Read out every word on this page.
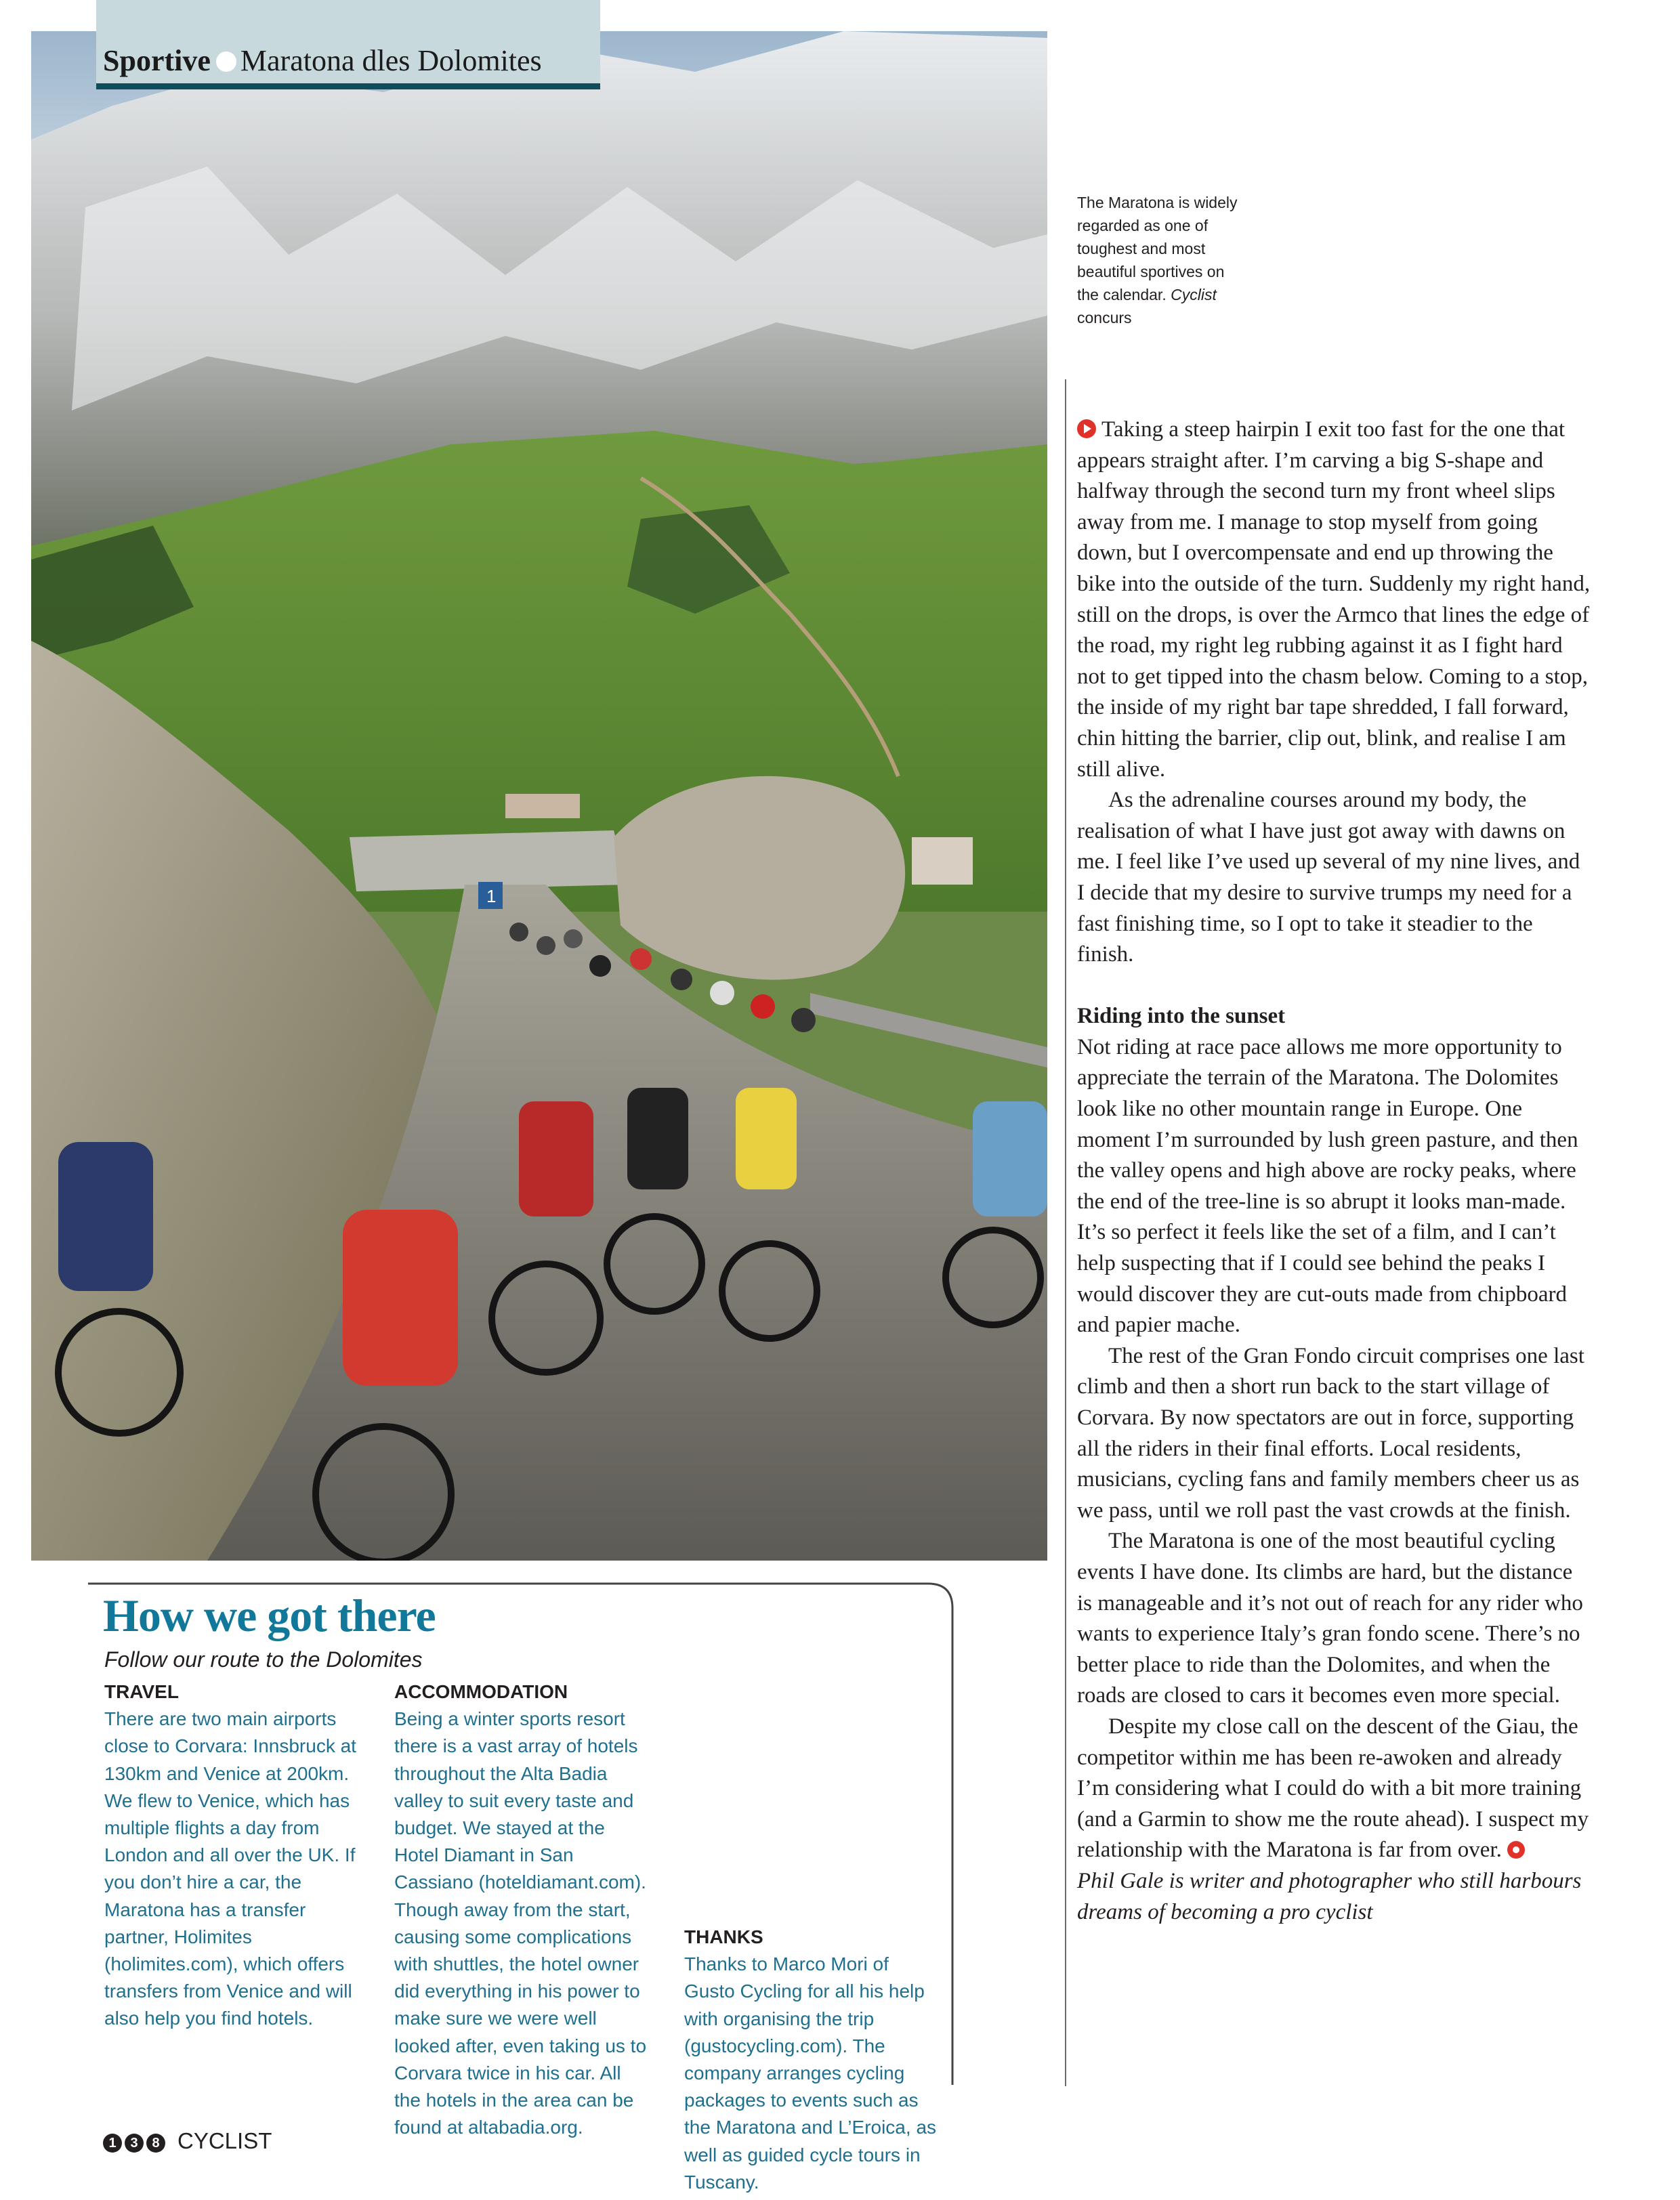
1
Sportive Maratona dles Dolomites
The Maratona is widely regarded as one of toughest and most beautiful sportives on the calendar. Cyclist concurs

Taking a steep hairpin I exit too fast for the one that appears straight after. I’m carving a big S-shape and halfway through the second turn my front wheel slips away from me. I manage to stop myself from going down, but I overcompensate and end up throwing the bike into the outside of the turn. Suddenly my right hand, still on the drops, is over the Armco that lines the edge of the road, my right leg rubbing against it as I fight hard not to get tipped into the chasm below. Coming to a stop, the inside of my right bar tape shredded, I fall forward, chin hitting the barrier, clip out, blink, and realise I am still alive.

As the adrenaline courses around my body, the realisation of what I have just got away with dawns on me. I feel like I’ve used up several of my nine lives, and I decide that my desire to survive trumps my need for a fast finishing time, so I opt to take it steadier to the finish.

Riding into the sunset

Not riding at race pace allows me more opportunity to appreciate the terrain of the Maratona. The Dolomites look like no other mountain range in Europe. One moment I’m surrounded by lush green pasture, and then the valley opens and high above are rocky peaks, where the end of the tree-line is so abrupt it looks man-made. It’s so perfect it feels like the set of a film, and I can’t help suspecting that if I could see behind the peaks I would discover they are cut-outs made from chipboard and papier mache.

The rest of the Gran Fondo circuit comprises one last climb and then a short run back to the start village of Corvara. By now spectators are out in force, supporting all the riders in their final efforts. Local residents, musicians, cycling fans and family members cheer us as we pass, until we roll past the vast crowds at the finish.

The Maratona is one of the most beautiful cycling events I have done. Its climbs are hard, but the distance is manageable and it’s not out of reach for any rider who wants to experience Italy’s gran fondo scene. There’s no better place to ride than the Dolomites, and when the roads are closed to cars it becomes even more special.

Despite my close call on the descent of the Giau, the competitor within me has been re-awoken and already I’m considering what I could do with a bit more training (and a Garmin to show me the route ahead). I suspect my relationship with the Maratona is far from over.

Phil Gale is writer and photographer who still harbours dreams of becoming a pro cyclist

How we got there
Follow our route to the Dolomites

TRAVEL

There are two main airports close to Corvara: Innsbruck at 130km and Venice at 200km. We flew to Venice, which has multiple flights a day from London and all over the UK. If you don’t hire a car, the Maratona has a transfer partner, Holimites (holimites.com), which offers transfers from Venice and will also help you find hotels.

ACCOMMODATION

Being a winter sports resort there is a vast array of hotels throughout the Alta Badia valley to suit every taste and budget. We stayed at the Hotel Diamant in San Cassiano (hoteldiamant.com). Though away from the start, causing some complications with shuttles, the hotel owner did everything in his power to make sure we were well looked after, even taking us to Corvara twice in his car. All the hotels in the area can be found at altabadia.org.

THANKS

Thanks to Marco Mori of Gusto Cycling for all his help with organising the trip (gustocycling.com). The company arranges cycling packages to events such as the Maratona and L’Eroica, as well as guided cycle tours in Tuscany.

1 3 8 CYCLIST
